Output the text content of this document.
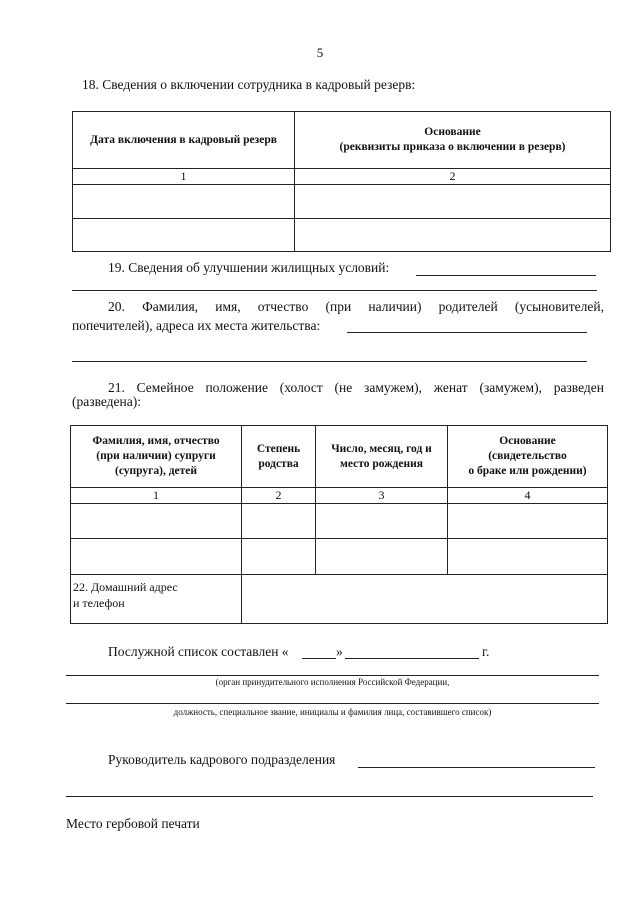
5
18. Сведения о включении сотрудника в кадровый резерв:
Дата включения в кадровый резерв	Основание
(реквизиты приказа о включении в резерв)
1	2

19. Сведения об улучшении жилищных условий:
20. Фамилия, имя, отчество (при наличии) родителей (усыновителей,
попечителей), адреса их места жительства:
21. Семейное положение (холост (не замужем), женат (замужем), разведен
(разведена):
Фамилия, имя, отчество
(при наличии) супруги
(супруга), детей	Степень
родства	Число, месяц, год и
место рождения	Основание
(свидетельство
о браке или рождении)
1	2	3	4

22. Домашний адрес
и телефон			
Послужной список составлен «	»	г.
(орган принудительного исполнения Российской Федерации,
должность, специальное звание, инициалы и фамилия лица, составившего список)
Руководитель кадрового подразделения
Место гербовой печати
